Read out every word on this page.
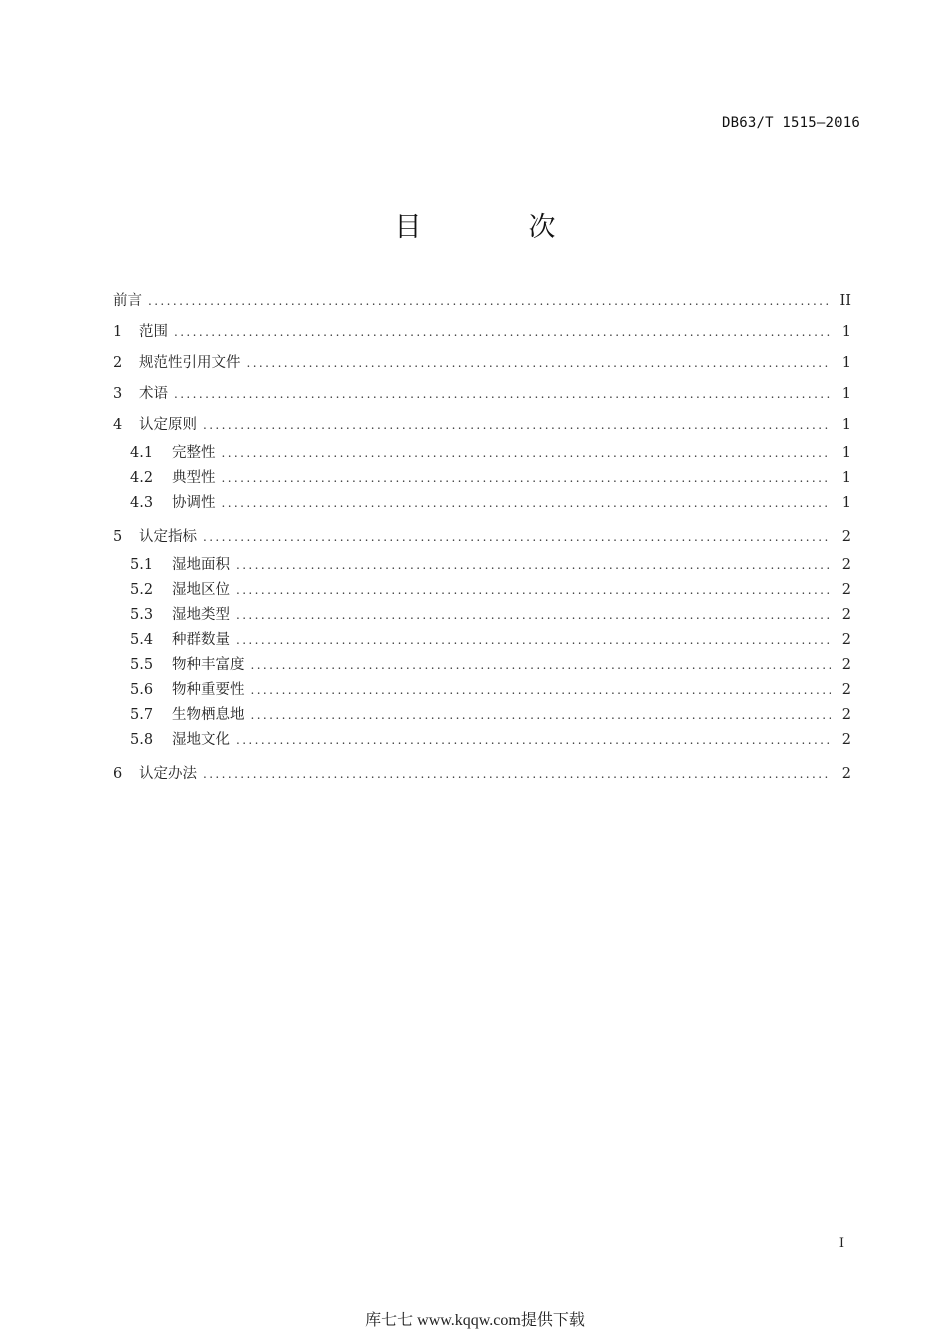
DB63/T 1515—2016
目　次
前言 .....	II
1	范围 .....	1
2	规范性引用文件 .....	1
3	术语 .....	1
4	认定原则 .....	1
4.1	完整性 .....	1
4.2	典型性 .....	1
4.3	协调性 .....	1
5	认定指标 .....	2
5.1	湿地面积 .....	2
5.2	湿地区位 .....	2
5.3	湿地类型 .....	2
5.4	种群数量 .....	2
5.5	物种丰富度 .....	2
5.6	物种重要性 .....	2
5.7	生物栖息地 .....	2
5.8	湿地文化 .....	2
6	认定办法 .....	2
I
库七七 www.kqqw.com提供下载
